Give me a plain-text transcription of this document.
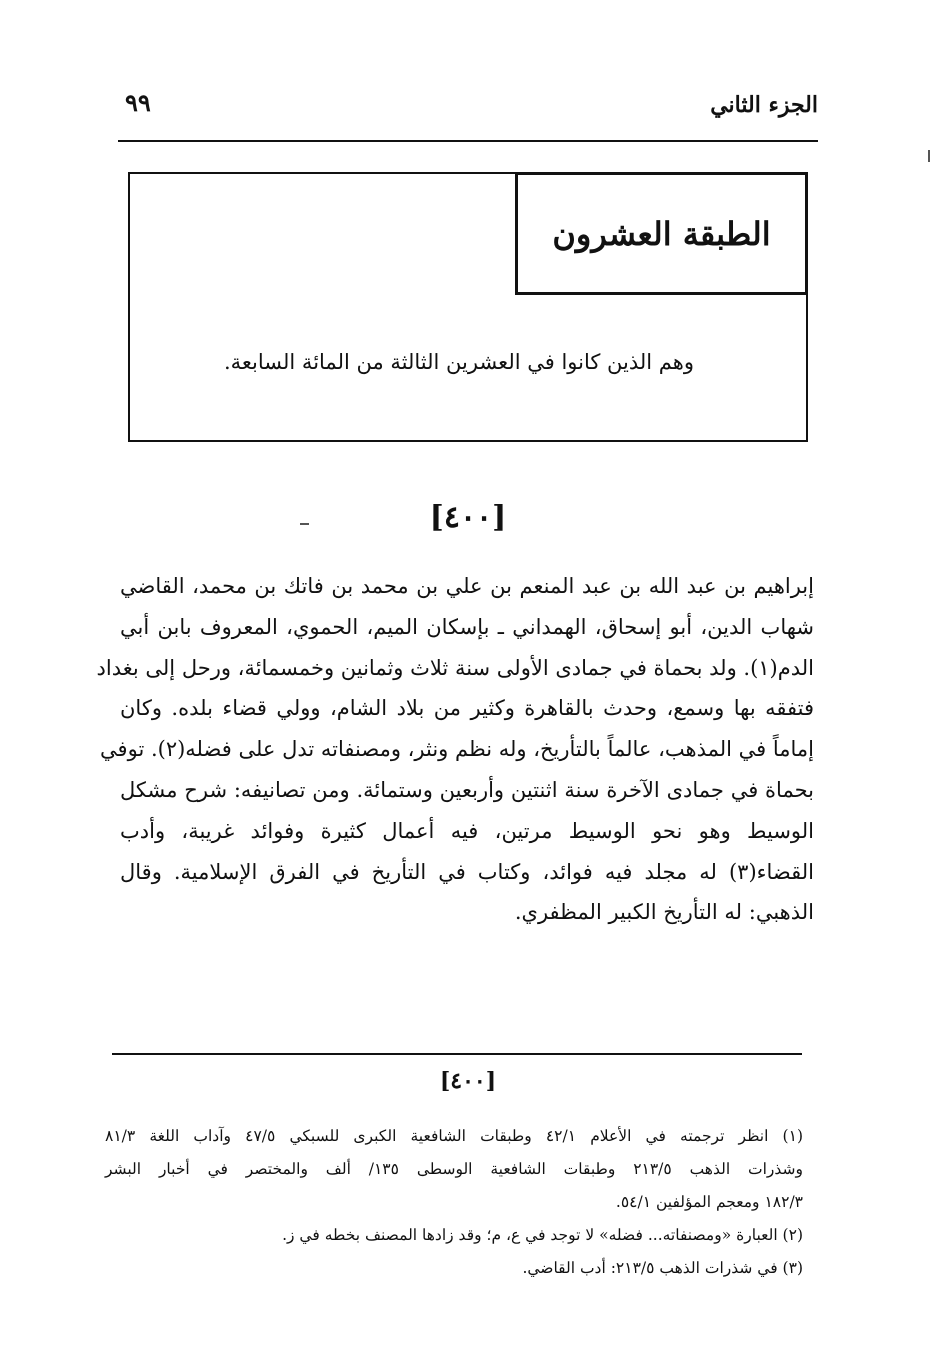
الجزء الثاني
٩٩
الطبقة العشرون
وهم الذين كانوا في العشرين الثالثة من المائة السابعة.
[٤٠٠]
إبراهيم بن عبد الله بن عبد المنعم بن علي بن محمد بن فاتك بن محمد، القاضي
شهاب الدين، أبو إسحاق، الهمداني ـ بإسكان الميم، الحموي، المعروف بابن أبي
الدم(١). ولد بحماة في جمادى الأولى سنة ثلاث وثمانين وخمسمائة، ورحل إلى بغداد
فتفقه بها وسمع، وحدث بالقاهرة وكثير من بلاد الشام، وولي قضاء بلده. وكان
إماماً في المذهب، عالماً بالتأريخ، وله نظم ونثر، ومصنفاته تدل على فضله(٢). توفي
بحماة في جمادى الآخرة سنة اثنتين وأربعين وستمائة. ومن تصانيفه: شرح مشكل
الوسيط وهو نحو الوسيط مرتين، فيه أعمال كثيرة وفوائد غريبة، وأدب
القضاء(٣) له مجلد فيه فوائد، وكتاب في التأريخ في الفرق الإسلامية. وقال
الذهبي: له التأريخ الكبير المظفري.
[٤٠٠]
(١) انظر ترجمته في الأعلام ٤٢/١ وطبقات الشافعية الكبرى للسبكي ٤٧/٥ وآداب اللغة ٨١/٣
وشذرات الذهب ٢١٣/٥ وطبقات الشافعية الوسطى ١٣٥/ ألف والمختصر في أخبار البشر
١٨٢/٣ ومعجم المؤلفين ٥٤/١.
(٢) العبارة «ومصنفاته... فضله» لا توجد في ع، م؛ وقد زادها المصنف بخطه في ز.
(٣) في شذرات الذهب ٢١٣/٥: أدب القاضي.
